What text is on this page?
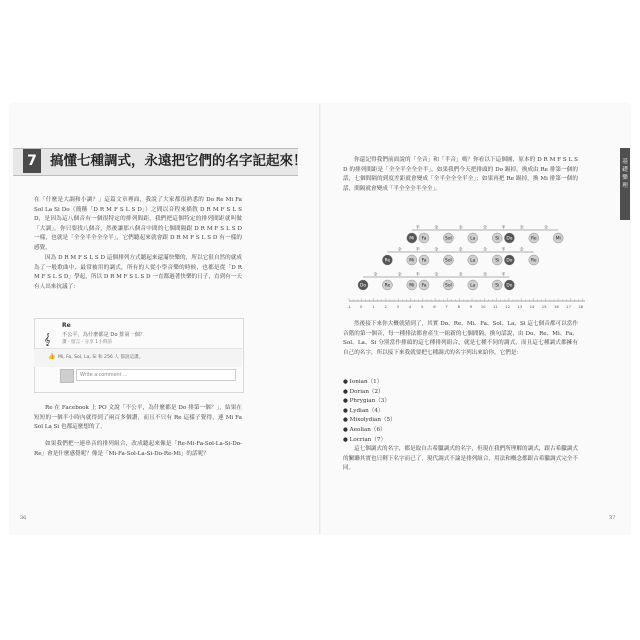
7 搞懂七種調式，永遠把它們的名字記起來！
在「什麼是大調和小調？」這篇文章裡面，我說了大家都很熟悉的 Do Re Mi Fa Sol La Si Do（簡稱「D R M F S L S D」）之間以音程來描敘 D R M F S L S D，是因為這八個音有一個很特定的排列間距，我們把這個特定的排列間距就叫做「大調」。你只要找八個音，然後讓那八個音中間的七個間隔跟 D R M F S L S D 一樣，也就是「全全半全全全半」，它們聽起來就會跟 D R M F S L S D 有一樣的感覺。
因為 D R M F S L S D 這個排列方式聽起來還滿快樂的，所以它很自然的就成為了一般歌曲中，最常被用的調式，所有的人從小學音樂的時候，也都是從「D R M F S L S D」學起，所以 D R M F S L S D 一直都過著快樂的日子，直到有一天有人出來抗議了：
𝄞
Re
不公平，為什麼都是 Do 排第一個？
讚 · 留言 · 分享 1小時前
👍 Mi, Fa, Sol, La, Si 和 256 人 都說這讚。
Write a comment ...
Re 在 Facebook 上 PO 文說「不公平，為什麼都是 Do 排第一個？」，結果在短短的一個半小時內就得到了兩百多個讚，而且不只有 Re 這樣子覺得，連 Mi Fa Sol La Si 也都這麼想的了。
如果我們把一連串音的排列組合，改成聽起來像是「Re-Mi-Fa-Sol-La-Si-Do-Re」會是什麼感覺呢？像是「Mi-Fa-Sol-La-Si-Do-Re-Mi」的話呢？
36
基礎樂理
你還記得我們前面說的「全音」和「半音」嗎？你看以下這個圖，原本的 D R M F S L S D 的排列間距是「全全半全全全半」，如果我們今天把排頭的 Do 踢掉，換成由 Re 排第一個的話，七個間隔的到度差距就會變成「全半全全全半全」；如果再把 Re 踢掉，換 Mi 排第一個的話，間隔就會變成「半全全全半全全」。
半	全	全	全	半	全	全
Mi Fa	Sol	La	Si Do	Re	Mi
全	半	全	全	全	半	全
Re	Mi Fa	Sol	La	Si Do	Re
全	全	半	全	全	全	半
Do	Re	Mi Fa	Sol	La	Si Do
-1 0	1	2	3	4	5	6	7	8	9 10 11 12 13 14 15 16 17 18
然後接下來你大概就猜到了，其實 Do、Re、Mi、Fa、Sol、La、Si 這七個音都可以當作音階的第一個音，每一種排法都會產生一組新的七個間隔，換句話說，由 Do、Re、Mi、Fa、Sol、La、Si 分別當作排頭的這七種排列組合，就是七種不同的調式，而且這七種調式都擁有自己的名字，所以接下來我就要把七種調式的名字列出來給你，它們是：
● Ionian（1）
● Dorian（2）
● Phrygian（3）
● Lydian（4）
● Mixolydian（5）
● Aeolian（6）
● Locrian（7）
這七個調式的名字，都是取自古希臘調式的名字，但現在我們所理解的調式，跟古希臘調式的關聯其實也只剩下名字而已了，現代調式不論是排列組合，用法和概念都跟古希臘調式完全不同。
37
